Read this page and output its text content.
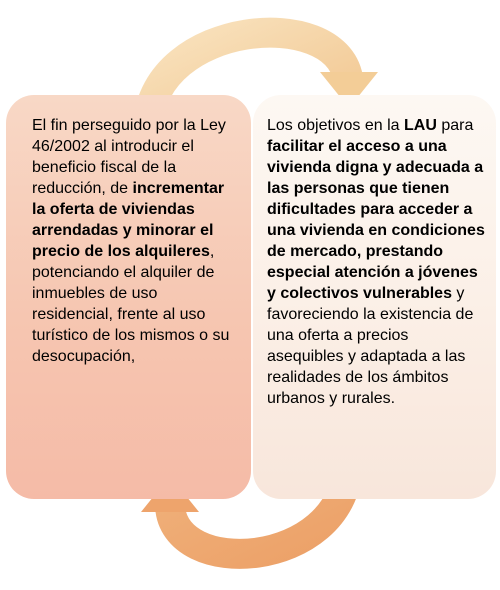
El fin perseguido por la Ley 46/2002 al introducir el beneficio fiscal de la reducción, de incrementar la oferta de viviendas arrendadas y minorar el precio de los alquileres, potenciando el alquiler de inmuebles de uso residencial, frente al uso turístico de los mismos o su desocupación,

Los objetivos en la LAU para facilitar el acceso a una vivienda digna y adecuada a las personas que tienen dificultades para acceder a una vivienda en condiciones de mercado, prestando especial atención a jóvenes y colectivos vulnerables y favoreciendo la existencia de una oferta a precios asequibles y adaptada a las realidades de los ámbitos urbanos y rurales.
